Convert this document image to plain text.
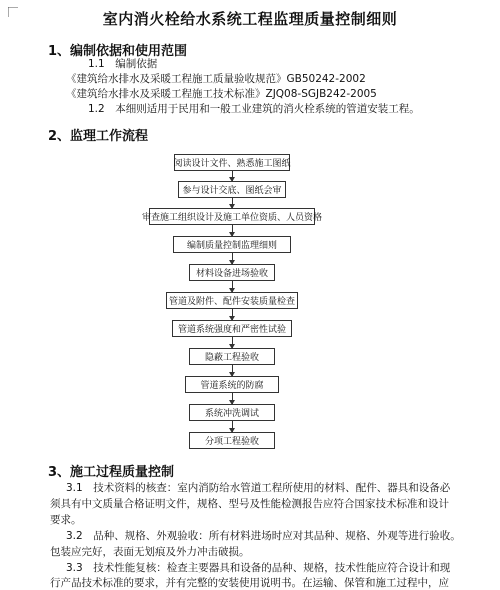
室内消火栓给水系统工程监理质量控制细则
1、编制依据和使用范围
1.1　编制依据
《建筑给水排水及采暖工程施工质量验收规范》GB50242-2002
《建筑给水排水及采暖工程施工技术标准》ZJQ08-SGJB242-2005
1.2　本细则适用于民用和一般工业建筑的消火栓系统的管道安装工程。
2、监理工作流程
阅读设计文件、熟悉施工图纸
参与设计交底、图纸会审
审查施工组织设计及施工单位资质、人员资格
编制质量控制监理细则
材料设备进场验收
管道及附件、配件安装质量检查
管道系统强度和严密性试验
隐蔽工程验收
管道系统的防腐
系统冲洗调试
分项工程验收
3、施工过程质量控制
3.1　技术资料的核查：室内消防给水管道工程所使用的材料、配件、器具和设备必
须具有中文质量合格证明文件，规格、型号及性能检测报告应符合国家技术标准和设计
要求。
3.2　品种、规格、外观验收：所有材料进场时应对其品种、规格、外观等进行验收。
包装应完好，表面无划痕及外力冲击破损。
3.3　技术性能复核：检查主要器具和设备的品种、规格，技术性能应符合设计和现
行产品技术标准的要求，并有完整的安装使用说明书。在运输、保管和施工过程中，应
